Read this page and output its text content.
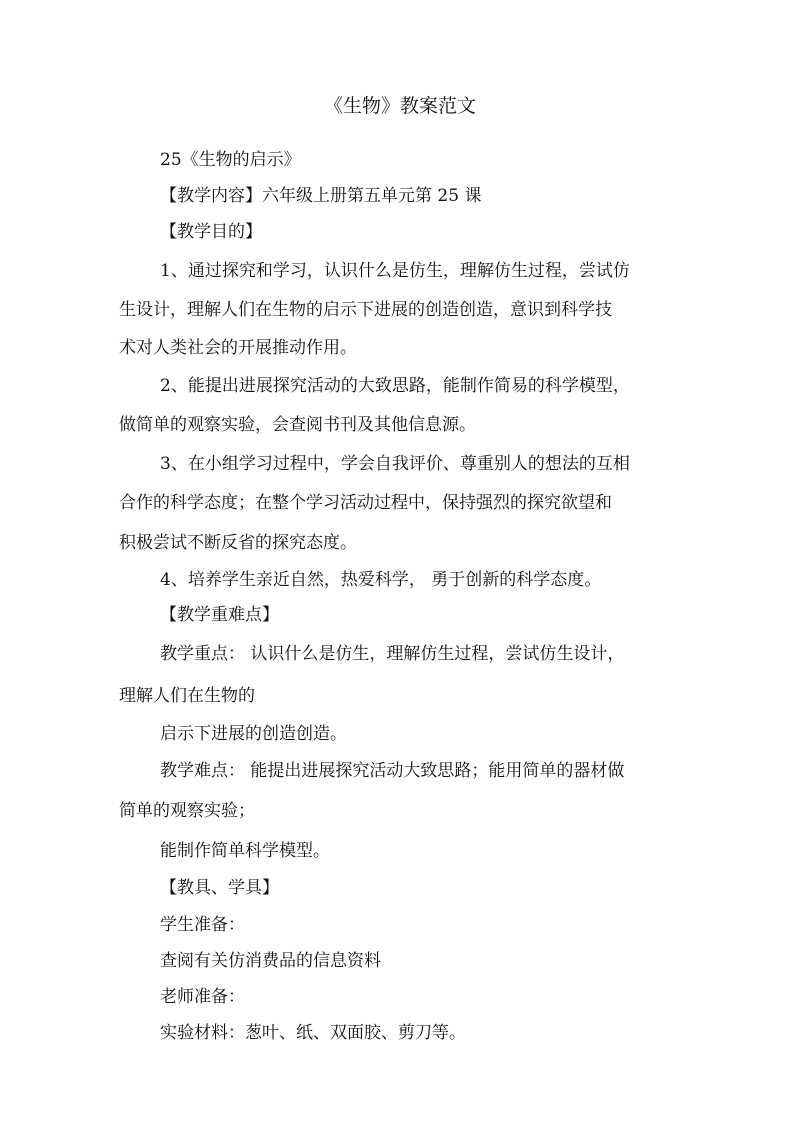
《生物》教案范文
25《生物的启示》
【教学内容】六年级上册第五单元第 25 课
【教学目的】
1、通过探究和学习，认识什么是仿生，理解仿生过程，尝试仿
生设计，理解人们在生物的启示下进展的创造创造，意识到科学技
术对人类社会的开展推动作用。
2、能提出进展探究活动的大致思路，能制作简易的科学模型，
做简单的观察实验，会查阅书刊及其他信息源。
3、在小组学习过程中，学会自我评价、尊重别人的想法的互相
合作的科学态度；在整个学习活动过程中，保持强烈的探究欲望和
积极尝试不断反省的探究态度。
4、培养学生亲近自然，热爱科学， 勇于创新的科学态度。
【教学重难点】
教学重点： 认识什么是仿生，理解仿生过程，尝试仿生设计，
理解人们在生物的
启示下进展的创造创造。
教学难点： 能提出进展探究活动大致思路；能用简单的器材做
简单的观察实验；
能制作简单科学模型。
【教具、学具】
学生准备：
查阅有关仿消费品的信息资料
老师准备：
实验材料：葱叶、纸、双面胶、剪刀等。
